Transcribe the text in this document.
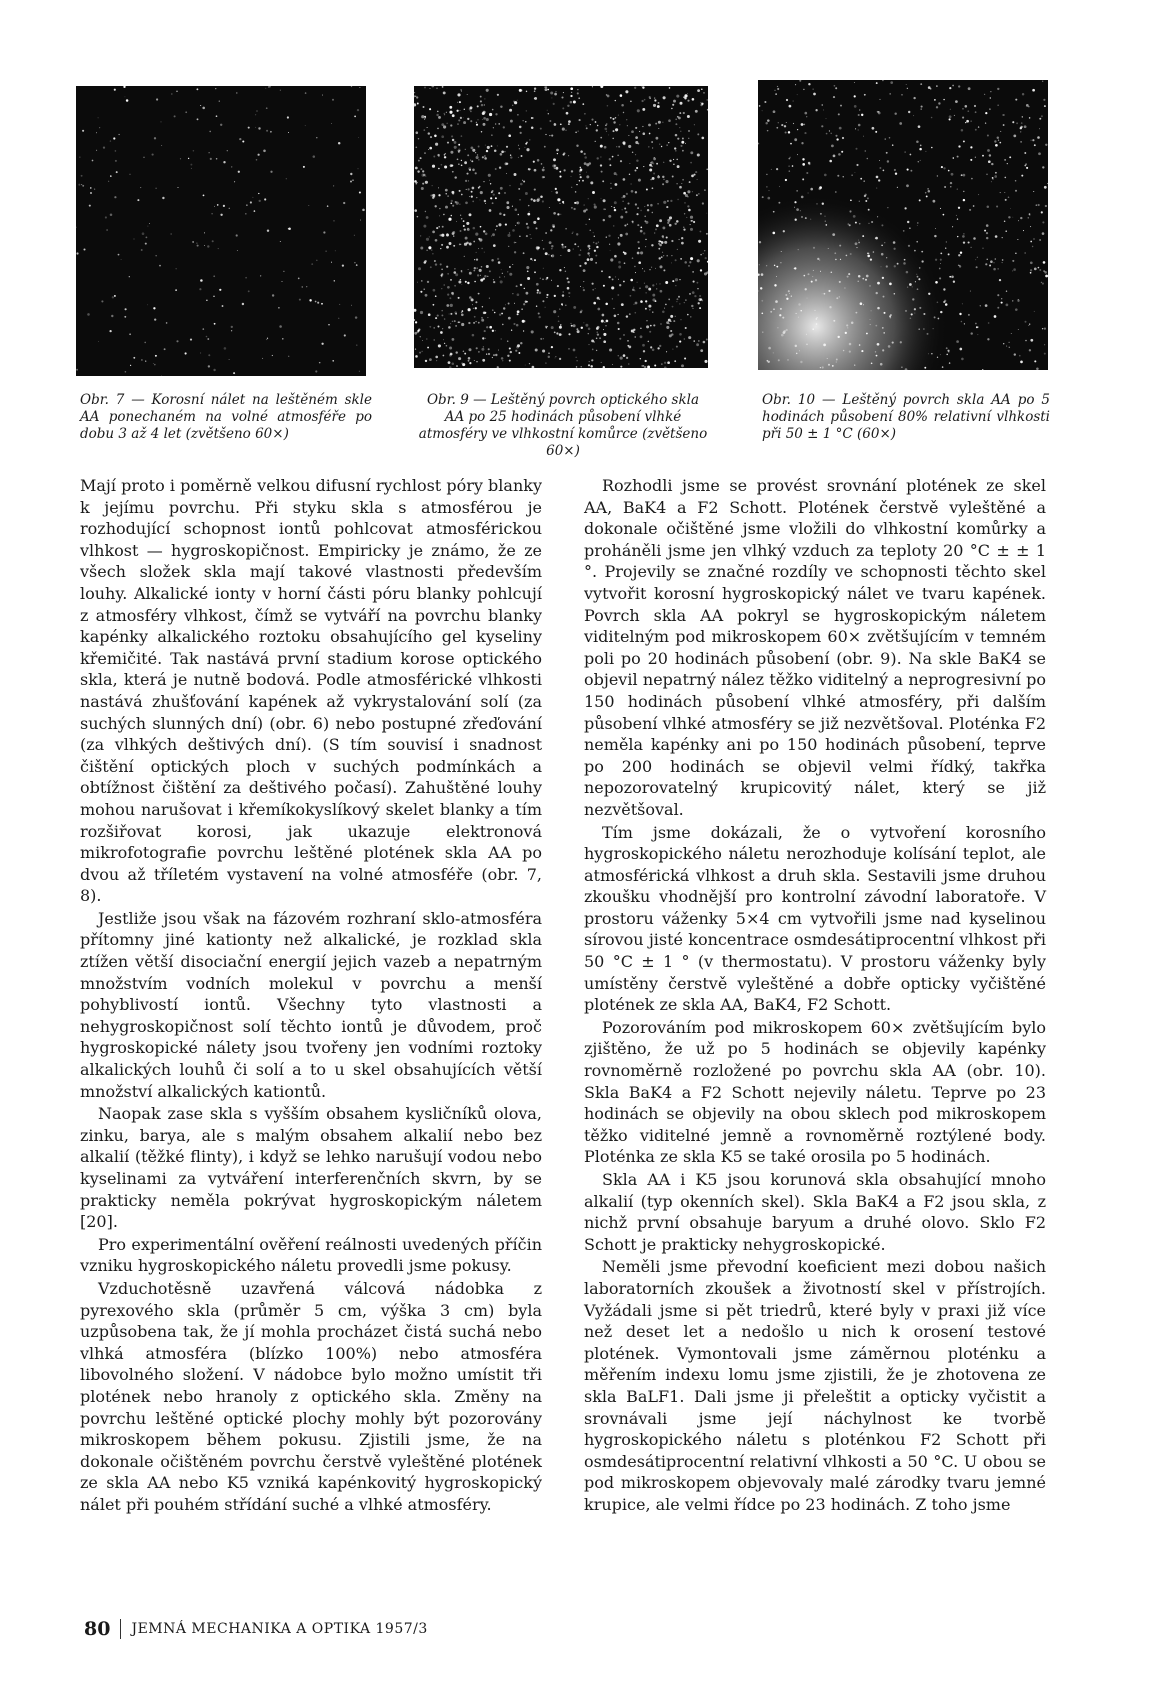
Obr. 7 — Korosní nálet na leštěném skle AA ponechaném na volné atmosféře po dobu 3 až 4 let (zvětšeno 60×)
Obr. 9 — Leštěný povrch optického skla AA po 25 hodinách působení vlhké atmosféry ve vlhkostní komůrce (zvětšeno 60×)
Obr. 10 — Leštěný povrch skla AA po 5 hodinách působení 80% relativní vlhkosti při 50 ± 1 °C (60×)

Mají proto i poměrně velkou difusní rychlost póry blanky k jejímu povrchu. Při styku skla s atmosférou je rozhodující schopnost iontů pohlcovat atmosférickou vlhkost — hygroskopičnost. Empiricky je známo, že ze všech složek skla mají takové vlastnosti především louhy. Alkalické ionty v horní části póru blanky pohlcují z atmosféry vlhkost, čímž se vytváří na povrchu blanky kapénky alkalického roztoku obsahujícího gel kyseliny křemičité. Tak nastává první stadium korose optického skla, která je nutně bodová. Podle atmosférické vlhkosti nastává zhušťování kapének až vykrystalování solí (za suchých slunných dní) (obr. 6) nebo postupné zřeďování (za vlhkých deštivých dní). (S tím souvisí i snadnost čištění optických ploch v suchých podmínkách a obtížnost čištění za deštivého počasí). Zahuštěné louhy mohou narušovat i křemíkokyslíkový skelet blanky a tím rozšiřovat korosi, jak ukazuje elektronová mikrofotografie povrchu leštěné plotének skla AA po dvou až tříletém vystavení na volné atmosféře (obr. 7, 8).

Jestliže jsou však na fázovém rozhraní sklo-atmosféra přítomny jiné kationty než alkalické, je rozklad skla ztížen větší disociační energií jejich vazeb a nepatrným množstvím vodních molekul v povrchu a menší pohyblivostí iontů. Všechny tyto vlastnosti a nehygroskopičnost solí těchto iontů je důvodem, proč hygroskopické nálety jsou tvořeny jen vodními roztoky alkalických louhů či solí a to u skel obsahujících větší množství alkalických kationtů.

Naopak zase skla s vyšším obsahem kysličníků olova, zinku, barya, ale s malým obsahem alkalií nebo bez alkalií (těžké flinty), i když se lehko narušují vodou nebo kyselinami za vytváření interferenčních skvrn, by se prakticky neměla pokrývat hygroskopickým náletem [20].

Pro experimentální ověření reálnosti uvedených příčin vzniku hygroskopického náletu provedli jsme pokusy.

Vzduchotěsně uzavřená válcová nádobka z pyrexového skla (průměr 5 cm, výška 3 cm) byla uzpůsobena tak, že jí mohla procházet čistá suchá nebo vlhká atmosféra (blízko 100%) nebo atmosféra libovolného složení. V nádobce bylo možno umístit tři plotének nebo hranoly z optického skla. Změny na povrchu leštěné optické plochy mohly být pozorovány mikroskopem během pokusu. Zjistili jsme, že na dokonale očištěném povrchu čerstvě vyleštěné plotének ze skla AA nebo K5 vzniká kapénkovitý hygroskopický nálet při pouhém střídání suché a vlhké atmosféry.

Rozhodli jsme se provést srovnání plotének ze skel AA, BaK4 a F2 Schott. Plotének čerstvě vyleštěné a dokonale očištěné jsme vložili do vlhkostní komůrky a proháněli jsme jen vlhký vzduch za teploty 20 °C ± ± 1 °. Projevily se značné rozdíly ve schopnosti těchto skel vytvořit korosní hygroskopický nálet ve tvaru kapének. Povrch skla AA pokryl se hygroskopickým náletem viditelným pod mikroskopem 60× zvětšujícím v temném poli po 20 hodinách působení (obr. 9). Na skle BaK4 se objevil nepatrný nález těžko viditelný a neprogresivní po 150 hodinách působení vlhké atmosféry, při dalším působení vlhké atmosféry se již nezvětšoval. Ploténka F2 neměla kapénky ani po 150 hodinách působení, teprve po 200 hodinách se objevil velmi řídký, takřka nepozorovatelný krupicovitý nálet, který se již nezvětšoval.

Tím jsme dokázali, že o vytvoření korosního hygroskopického náletu nerozhoduje kolísání teplot, ale atmosférická vlhkost a druh skla. Sestavili jsme druhou zkoušku vhodnější pro kontrolní závodní laboratoře. V prostoru váženky 5×4 cm vytvořili jsme nad kyselinou sírovou jisté koncentrace osmdesátiprocentní vlhkost při 50 °C ± 1 ° (v thermostatu). V prostoru váženky byly umístěny čerstvě vyleštěné a dobře opticky vyčištěné plotének ze skla AA, BaK4, F2 Schott.

Pozorováním pod mikroskopem 60× zvětšujícím bylo zjištěno, že už po 5 hodinách se objevily kapénky rovnoměrně rozložené po povrchu skla AA (obr. 10). Skla BaK4 a F2 Schott nejevily náletu. Teprve po 23 hodinách se objevily na obou sklech pod mikroskopem těžko viditelné jemně a rovnoměrně roztýlené body. Ploténka ze skla K5 se také orosila po 5 hodinách.

Skla AA i K5 jsou korunová skla obsahující mnoho alkalií (typ okenních skel). Skla BaK4 a F2 jsou skla, z nichž první obsahuje baryum a druhé olovo. Sklo F2 Schott je prakticky nehygroskopické.

Neměli jsme převodní koeficient mezi dobou našich laboratorních zkoušek a životností skel v přístrojích. Vyžádali jsme si pět triedrů, které byly v praxi již více než deset let a nedošlo u nich k orosení testové plotének. Vymontovali jsme záměrnou ploténku a měřením indexu lomu jsme zjistili, že je zhotovena ze skla BaLF1. Dali jsme ji přeleštit a opticky vyčistit a srovnávali jsme její náchylnost ke tvorbě hygroskopického náletu s ploténkou F2 Schott při osmdesátiprocentní relativní vlhkosti a 50 °C. U obou se pod mikroskopem objevovaly malé zárodky tvaru jemné krupice, ale velmi řídce po 23 hodinách. Z toho jsme

80 JEMNÁ MECHANIKA A OPTIKA 1957/3
